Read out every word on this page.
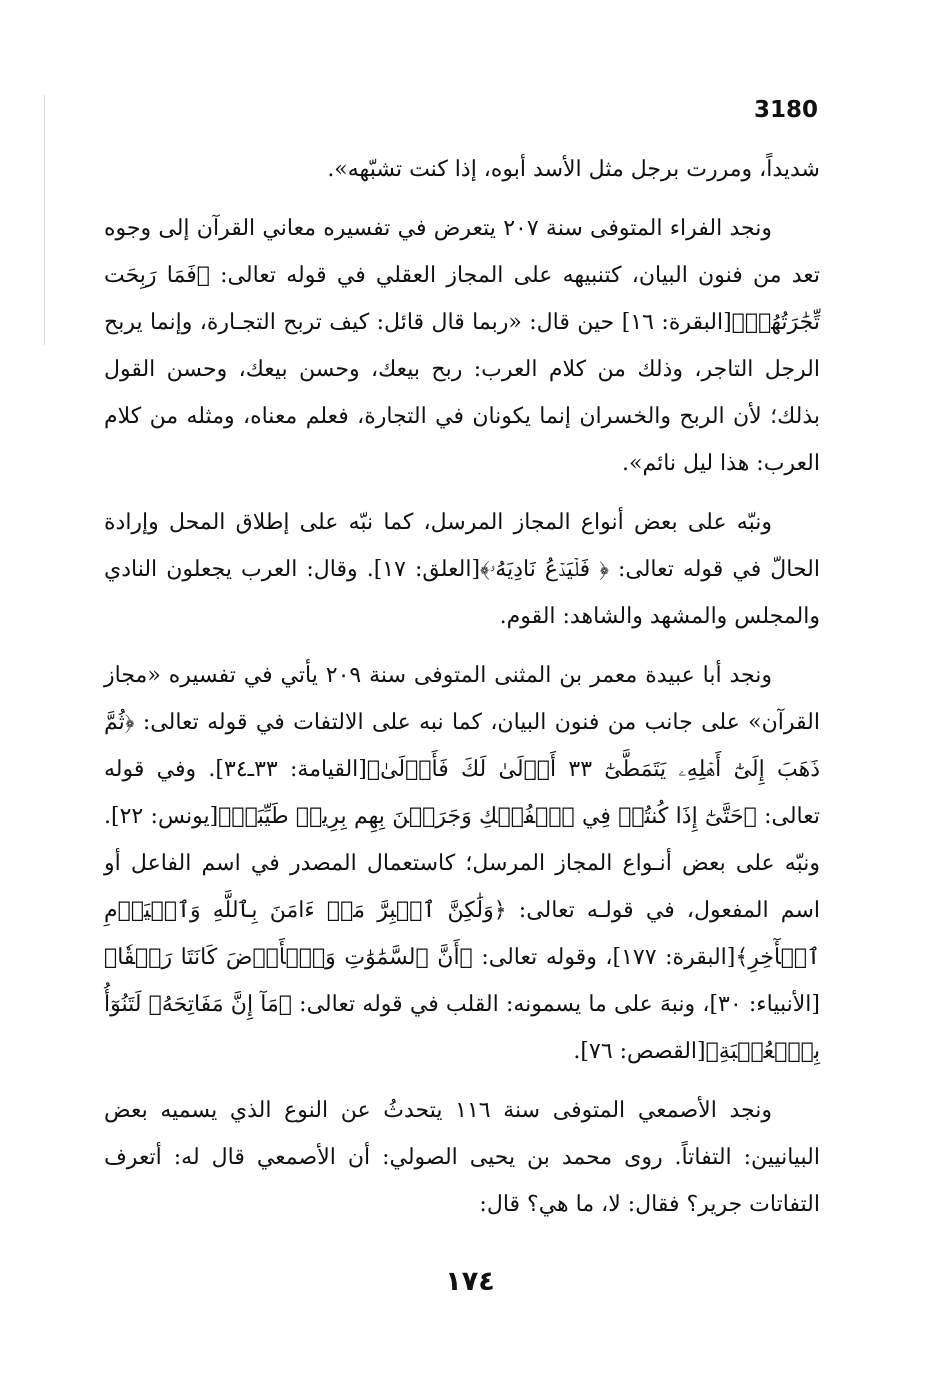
3180

شديداً، ومررت برجل مثل الأسد أبوه، إذا كنت تشبّهه».

ونجد الفراء المتوفى سنة ٢٠٧ يتعرض في تفسيره معاني القرآن إلى وجوه تعد من فنون البيان، كتنبيهه على المجاز العقلي في قوله تعالى: ﴿فَمَا رَبِحَت تِّجَٰرَتُهُمۡ﴾[البقرة: ١٦] حين قال: «ربما قال قائل: كيف تربح التجـارة، وإنما يربح الرجل التاجر، وذلك من كلام العرب: ربح بيعك، وحسن بيعك، وحسن القول بذلك؛ لأن الربح والخسران إنما يكونان في التجارة، فعلم معناه، ومثله من كلام العرب: هذا ليل نائم».

ونبّه على بعض أنواع المجاز المرسل، كما نبّه على إطلاق المحل وإرادة الحالّ في قوله تعالى: ﴿ فَلۡيَدۡعُ نَادِيَهُۥ﴾[العلق: ١٧]. وقال: العرب يجعلون النادي والمجلس والمشهد والشاهد: القوم.

ونجد أبا عبيدة معمر بن المثنى المتوفى سنة ٢٠٩ يأتي في تفسيره «مجاز القرآن» على جانب من فنون البيان، كما نبه على الالتفات في قوله تعالى: ﴿ثُمَّ ذَهَبَ إِلَىٰٓ أَهۡلِهِۦ يَتَمَطَّىٰٓ ٣٣ أَوۡلَىٰ لَكَ فَأَوۡلَىٰ﴾[القيامة: ٣٣ـ٣٤]. وفي قوله تعالى: ﴿حَتَّىٰٓ إِذَا كُنتُمۡ فِي ٱلۡفُلۡكِ وَجَرَيۡنَ بِهِم بِرِيحٖ طَيِّبَةٖ﴾[يونس: ٢٢]. ونبّه على بعض أنـواع المجاز المرسل؛ كاستعمال المصدر في اسم الفاعل أو اسم المفعول، في قولـه تعالى: ﴿وَلَٰكِنَّ ٱلۡبِرَّ مَنۡ ءَامَنَ بِٱللَّهِ وَٱلۡيَوۡمِ ٱلۡأٓخِرِ﴾[البقرة: ١٧٧]، وقوله تعالى: ﴿أَنَّ ٱلسَّمَٰوَٰتِ وَٱلۡأَرۡضَ كَانَتَا رَتۡقٗا﴾[الأنبياء: ٣٠]، ونبهَ على ما يسمونه: القلب في قوله تعالى: ﴿مَآ إِنَّ مَفَاتِحَهُۥ لَتَنُوٓأُ بِٱلۡعُصۡبَةِ﴾[القصص: ٧٦].

ونجد الأصمعي المتوفى سنة ١١٦ يتحدثُ عن النوع الذي يسميه بعض البيانيين: التفاتاً. روى محمد بن يحيى الصولي: أن الأصمعي قال له: أتعرف التفاتات جرير؟ فقال: لا، ما هي؟ قال:

١٧٤
